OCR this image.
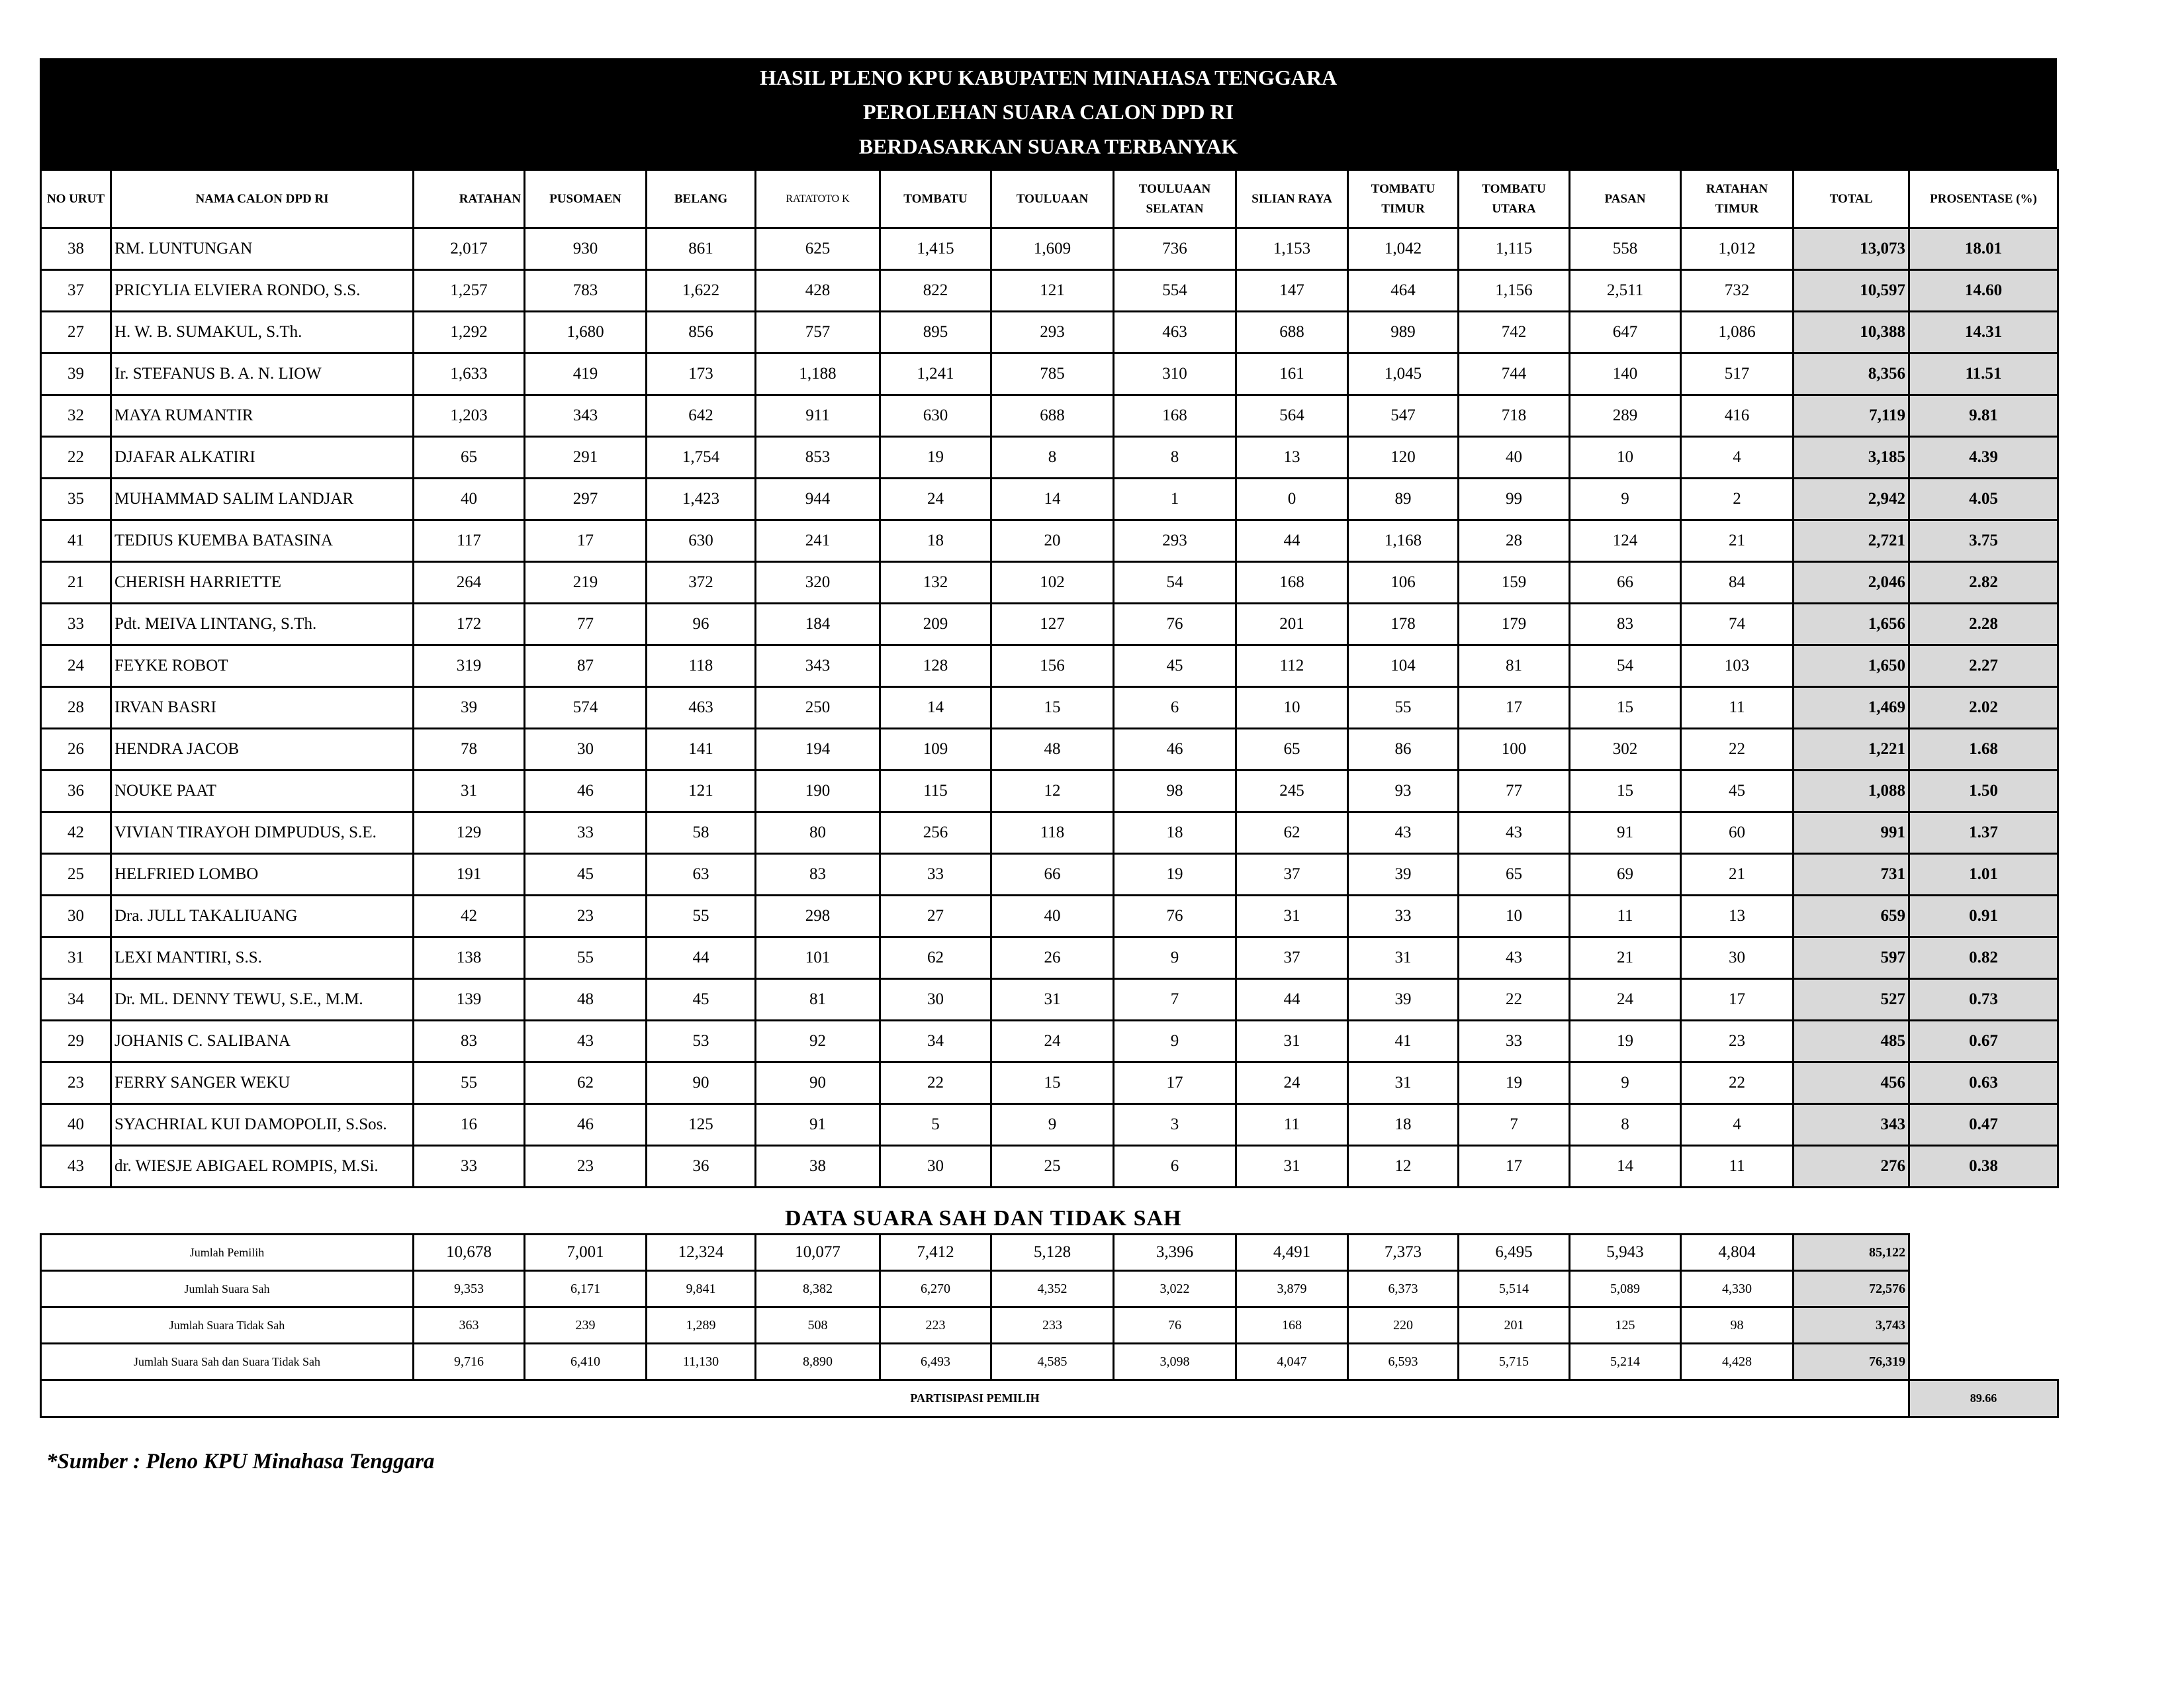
HASIL PLENO KPU KABUPATEN MINAHASA TENGGARA
PEROLEHAN SUARA CALON DPD RI
BERDASARKAN SUARA TERBANYAK
NO URUT	NAMA CALON DPD RI	RATAHAN	PUSOMAEN	BELANG	RATATOTO K	TOMBATU	TOULUAAN	TOULUAAN SELATAN	SILIAN RAYA	TOMBATU TIMUR	TOMBATU UTARA	PASAN	RATAHAN TIMUR	TOTAL	PROSENTASE (%)
38	RM. LUNTUNGAN	2,017	930	861	625	1,415	1,609	736	1,153	1,042	1,115	558	1,012	13,073	18.01
37	PRICYLIA ELVIERA RONDO, S.S.	1,257	783	1,622	428	822	121	554	147	464	1,156	2,511	732	10,597	14.60
27	H. W. B. SUMAKUL, S.Th.	1,292	1,680	856	757	895	293	463	688	989	742	647	1,086	10,388	14.31
39	Ir. STEFANUS B. A. N. LIOW	1,633	419	173	1,188	1,241	785	310	161	1,045	744	140	517	8,356	11.51
32	MAYA RUMANTIR	1,203	343	642	911	630	688	168	564	547	718	289	416	7,119	9.81
22	DJAFAR ALKATIRI	65	291	1,754	853	19	8	8	13	120	40	10	4	3,185	4.39
35	MUHAMMAD SALIM LANDJAR	40	297	1,423	944	24	14	1	0	89	99	9	2	2,942	4.05
41	TEDIUS KUEMBA BATASINA	117	17	630	241	18	20	293	44	1,168	28	124	21	2,721	3.75
21	CHERISH HARRIETTE	264	219	372	320	132	102	54	168	106	159	66	84	2,046	2.82
33	Pdt. MEIVA LINTANG, S.Th.	172	77	96	184	209	127	76	201	178	179	83	74	1,656	2.28
24	FEYKE ROBOT	319	87	118	343	128	156	45	112	104	81	54	103	1,650	2.27
28	IRVAN BASRI	39	574	463	250	14	15	6	10	55	17	15	11	1,469	2.02
26	HENDRA JACOB	78	30	141	194	109	48	46	65	86	100	302	22	1,221	1.68
36	NOUKE PAAT	31	46	121	190	115	12	98	245	93	77	15	45	1,088	1.50
42	VIVIAN TIRAYOH DIMPUDUS, S.E.	129	33	58	80	256	118	18	62	43	43	91	60	991	1.37
25	HELFRIED LOMBO	191	45	63	83	33	66	19	37	39	65	69	21	731	1.01
30	Dra. JULL TAKALIUANG	42	23	55	298	27	40	76	31	33	10	11	13	659	0.91
31	LEXI MANTIRI, S.S.	138	55	44	101	62	26	9	37	31	43	21	30	597	0.82
34	Dr. ML. DENNY TEWU, S.E., M.M.	139	48	45	81	30	31	7	44	39	22	24	17	527	0.73
29	JOHANIS C. SALIBANA	83	43	53	92	34	24	9	31	41	33	19	23	485	0.67
23	FERRY SANGER WEKU	55	62	90	90	22	15	17	24	31	19	9	22	456	0.63
40	SYACHRIAL KUI DAMOPOLII, S.Sos.	16	46	125	91	5	9	3	11	18	7	8	4	343	0.47
43	dr. WIESJE ABIGAEL ROMPIS, M.Si.	33	23	36	38	30	25	6	31	12	17	14	11	276	0.38
DATA SUARA SAH DAN TIDAK SAH
Jumlah Pemilih	10,678	7,001	12,324	10,077	7,412	5,128	3,396	4,491	7,373	6,495	5,943	4,804	85,122	
Jumlah Suara Sah	9,353	6,171	9,841	8,382	6,270	4,352	3,022	3,879	6,373	5,514	5,089	4,330	72,576	
Jumlah Suara Tidak Sah	363	239	1,289	508	223	233	76	168	220	201	125	98	3,743	
Jumlah Suara Sah dan Suara Tidak Sah	9,716	6,410	11,130	8,890	6,493	4,585	3,098	4,047	6,593	5,715	5,214	4,428	76,319	
PARTISIPASI PEMILIH														89.66
*Sumber : Pleno KPU Minahasa Tenggara
